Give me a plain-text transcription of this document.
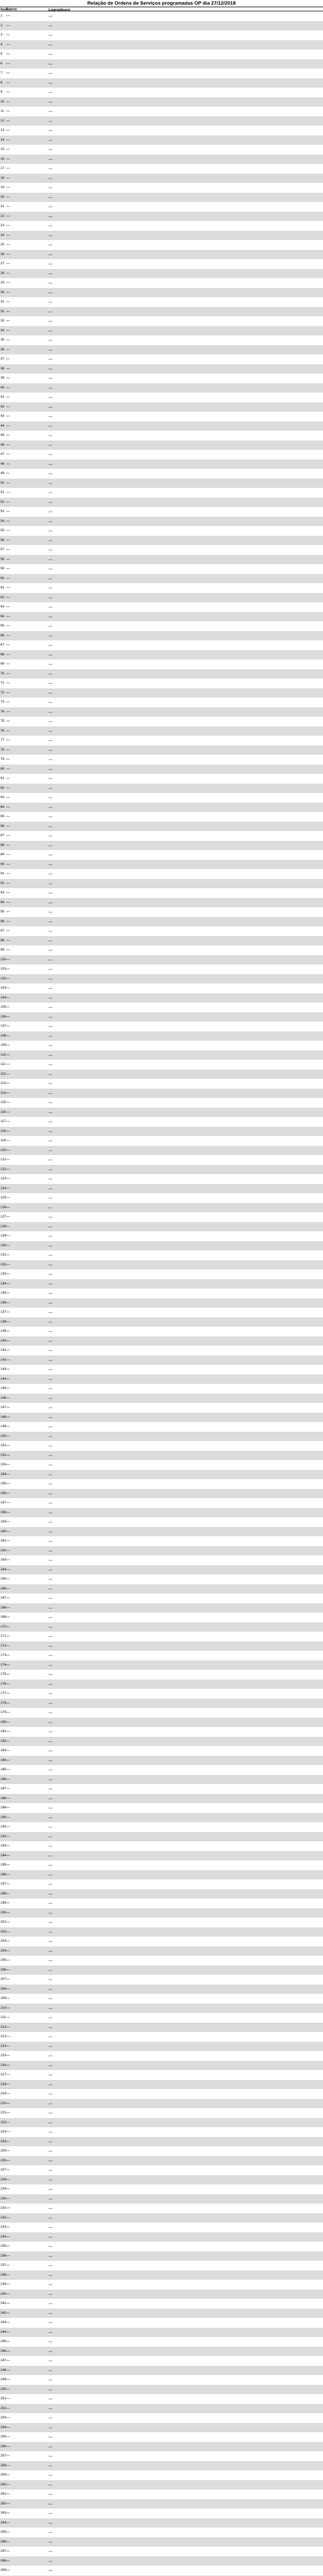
Relação de Ordens de Serviços programadas OP dia 27/12/2018
Item
Bairro	Logradouro
1	—	—
2	—	—
3	—	—
4	—	—
5	—	—
6	—	—
7	—	—
8	—	—
9	—	—
10 —	—
11 —	—
12 —	—
13 —	—
14 —	—
15 —	—
16 —	—
17 —	—
18 —	—
19 —	—
20 —	—
21 —	—
22 —	—
23 —	—
24 —	—
25 —	—
26 —	—
27 —	—
28 —	—
29 —	—
30 —	—
31 —	—
32 —	—
33 —	—
34 —	—
35 —	—
36 —	—
37 —	—
38 —	—
39 —	—
40 —	—
41 —	—
42 —	—
43 —	—
44 —	—
45 —	—
46 —	—
47 —	—
48 —	—
49 —	—
50 —	—
51 —	—
52 —	—
53 —	—
54 —	—
55 —	—
56 —	—
57 —	—
58 —	—
59 —	—
60 —	—
61 —	—
62 —	—
63 —	—
64 —	—
65 —	—
66 —	—
67 —	—
68 —	—
69 —	—
70 —	—
71 —	—
72 —	—
73 —	—
74 —	—
75 —	—
76 —	—
77 —	—
78 —	—
79 —	—
80 —	—
81 —	—
82 —	—
83 —	—
84 —	—
85 —	—
86 —	—
87 —	—
88 —	—
89 —	—
90 —	—
91 —	—
92 —	—
93 —	—
94 —	—
95 —	—
96 —	—
97 —	—
98 —	—
99 —	—
100 —	—
101 —	—
102 —	—
103 —	—
104 —	—
105 —	—
106 —	—
107 —	—
108 —	—
109 —	—
110 —	—
111 —	—
112 —	—
113 —	—
114 —	—
115 —	—
116 —	—
117 —	—
118 —	—
119 —	—
120 —	—
121 —	—
122 —	—
123 —	—
124 —	—
125 —	—
126 —	—
127 —	—
128 —	—
129 —	—
130 —	—
131 —	—
132 —	—
133 —	—
134 —	—
135 —	—
136 —	—
137 —	—
138 —	—
139 —	—
140 —	—
141 —	—
142 —	—
143 —	—
144 —	—
145 —	—
146 —	—
147 —	—
148 —	—
149 —	—
150 —	—
151 —	—
152 —	—
153 —	—
154 —	—
155 —	—
156 —	—
157 —	—
158 —	—
159 —	—
160 —	—
161 —	—
162 —	—
163 —	—
164 —	—
165 —	—
166 —	—
167 —	—
168 —	—
169 —	—
170 —	—
171 —	—
172 —	—
173 —	—
174 —	—
175 —	—
176 —	—
177 —	—
178 —	—
179 —	—
180 —	—
181 —	—
182 —	—
183 —	—
184 —	—
185 —	—
186 —	—
187 —	—
188 —	—
189 —	—
190 —	—
191 —	—
192 —	—
193 —	—
194 —	—
195 —	—
196 —	—
197 —	—
198 —	—
199 —	—
200 —	—
201 —	—
202 —	—
203 —	—
204 —	—
205 —	—
206 —	—
207 —	—
208 —	—
209 —	—
210 —	—
211 —	—
212 —	—
213 —	—
214 —	—
215 —	—
216 —	—
217 —	—
218 —	—
219 —	—
220 —	—
221 —	—
222 —	—
223 —	—
224 —	—
225 —	—
226 —	—
227 —	—
228 —	—
229 —	—
230 —	—
231 —	—
232 —	—
233 —	—
234 —	—
235 —	—
236 —	—
237 —	—
238 —	—
239 —	—
240 —	—
241 —	—
242 —	—
243 —	—
244 —	—
245 —	—
246 —	—
247 —	—
248 —	—
249 —	—
250 —	—
251 —	—
252 —	—
253 —	—
254 —	—
255 —	—
256 —	—
257 —	—
258 —	—
259 —	—
260 —	—
261 —	—
262 —	—
263 —	—
264 —	—
265 —	—
266 —	—
267 —	—
268 —	—
269 —	—
